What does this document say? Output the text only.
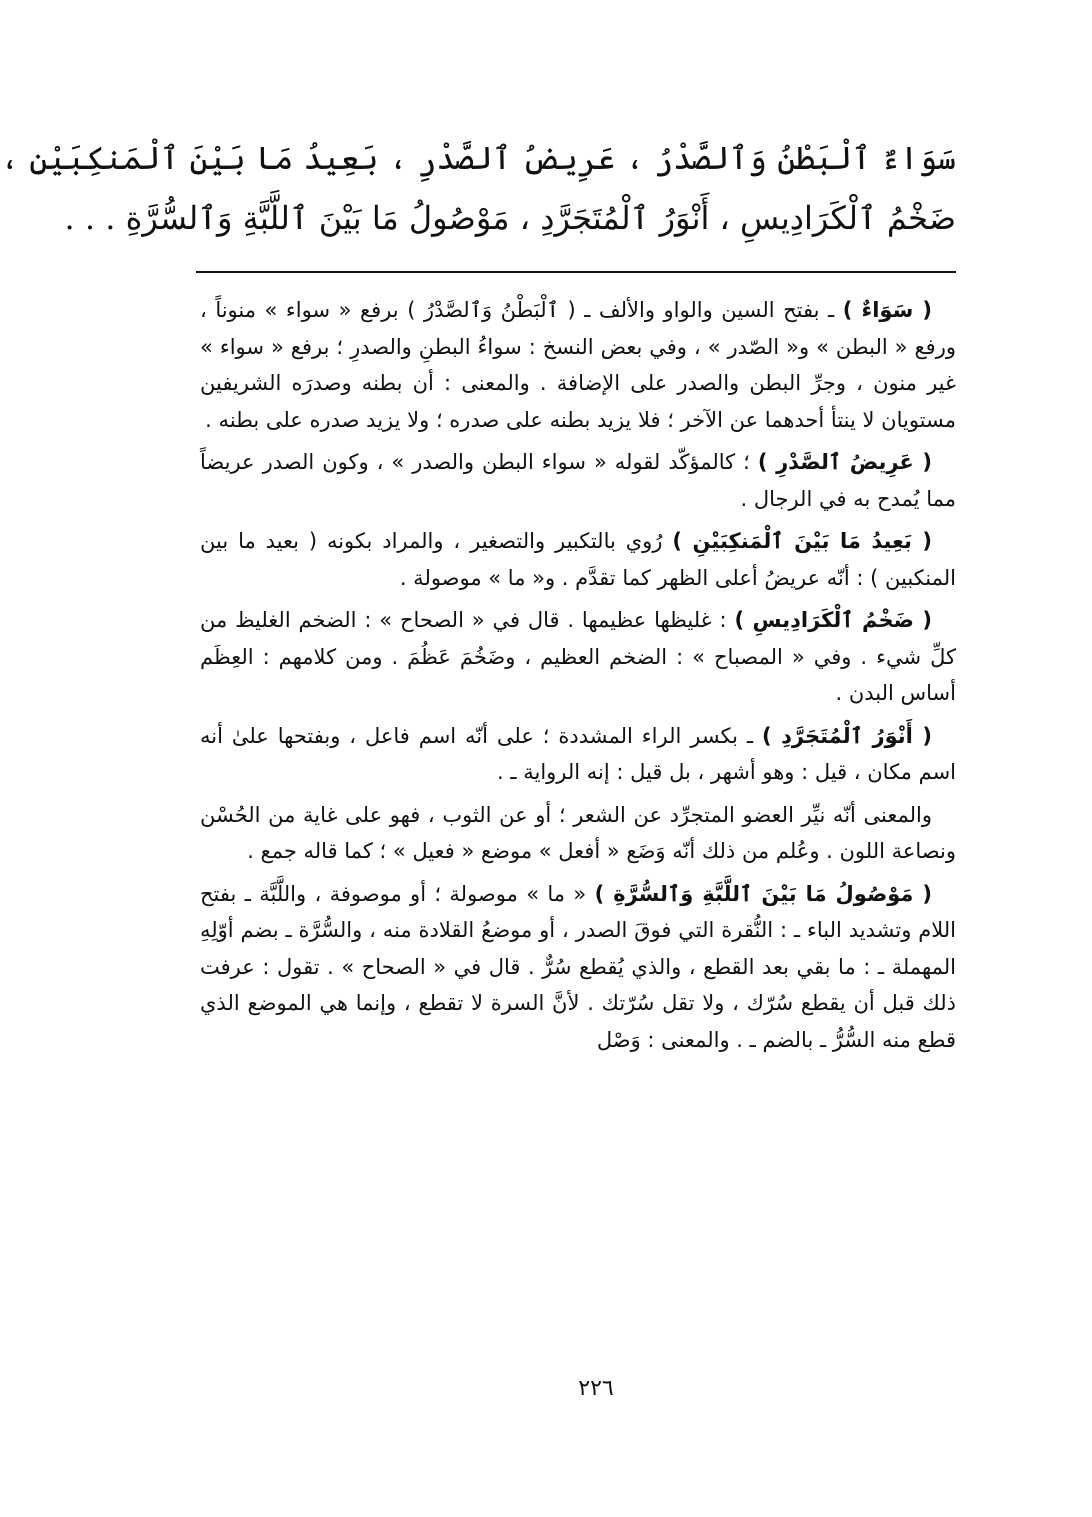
سَوَاءٌ ٱلْبَطْنُ وَٱلصَّدْرُ ، عَرِيضُ ٱلصَّدْرِ ، بَعِيدُ مَا بَيْنَ ٱلْمَنكِبَيْنِ ،
ضَخْمُ ٱلْكَرَادِيسِ ، أَنْوَرُ ٱلْمُتَجَرَّدِ ، مَوْصُولُ مَا بَيْنَ ٱللَّبَّةِ وَٱلسُّرَّةِ . . .

( سَوَاءٌ ) ـ بفتح السين والواو والألف ـ ( ٱلْبَطْنُ وَٱلصَّدْرُ ) برفع « سواء » منوناً ، ورفع « البطن » و« الصّدر » ، وفي بعض النسخ : سواءُ البطنِ والصدرِ ؛ برفع « سواء » غير منون ، وجرِّ البطن والصدر على الإضافة . والمعنى : أن بطنه وصدرَه الشريفين مستويان لا ينتأ أحدهما عن الآخر ؛ فلا يزيد بطنه على صدره ؛ ولا يزيد صدره على بطنه .

( عَرِيضُ ٱلصَّدْرِ ) ؛ كالمؤكّد لقوله « سواء البطن والصدر » ، وكون الصدر عريضاً مما يُمدح به في الرجال .

( بَعِيدُ مَا بَيْنَ ٱلْمَنكِبَيْنِ ) رُوي بالتكبير والتصغير ، والمراد بكونه ( بعيد ما بين المنكبين ) : أنّه عريضُ أعلى الظهر كما تقدَّم . و« ما » موصولة .

( ضَخْمُ ٱلْكَرَادِيسِ ) : غليظها عظيمها . قال في « الصحاح » : الضخم الغليظ من كلِّ شيء . وفي « المصباح » : الضخم العظيم ، وضَخُمَ عَظُمَ . ومن كلامهم : العِظَم أساس البدن .

( أَنْوَرُ ٱلْمُتَجَرَّدِ ) ـ بكسر الراء المشددة ؛ على أنّه اسم فاعل ، وبفتحها علىٰ أنه اسم مكان ، قيل : وهو أشهر ، بل قيل : إنه الرواية ـ .

والمعنى أنّه نيِّر العضو المتجرِّد عن الشعر ؛ أو عن الثوب ، فهو على غاية من الحُسْن ونصاعة اللون . وعُلم من ذلك أنّه وَضَع « أفعل » موضع « فعيل » ؛ كما قاله جمع .

( مَوْصُولُ مَا بَيْنَ ٱللَّبَّةِ وَٱلسُّرَّةِ ) « ما » موصولة ؛ أو موصوفة ، واللَّبَّة ـ بفتح اللام وتشديد الباء ـ : النُّقرة التي فوقَ الصدر ، أو موضعُ القلادة منه ، والسُّرَّة ـ بضم أوّلِهِ المهملة ـ : ما بقي بعد القطع ، والذي يُقطع سُرٌّ . قال في « الصحاح » . تقول : عرفت ذلك قبل أن يقطع سُرّك ، ولا تقل سُرّتك . لأنَّ السرة لا تقطع ، وإنما هي الموضع الذي قطع منه السُّرُّ ـ بالضم ـ . والمعنى : وَصْل

٢٢٦
